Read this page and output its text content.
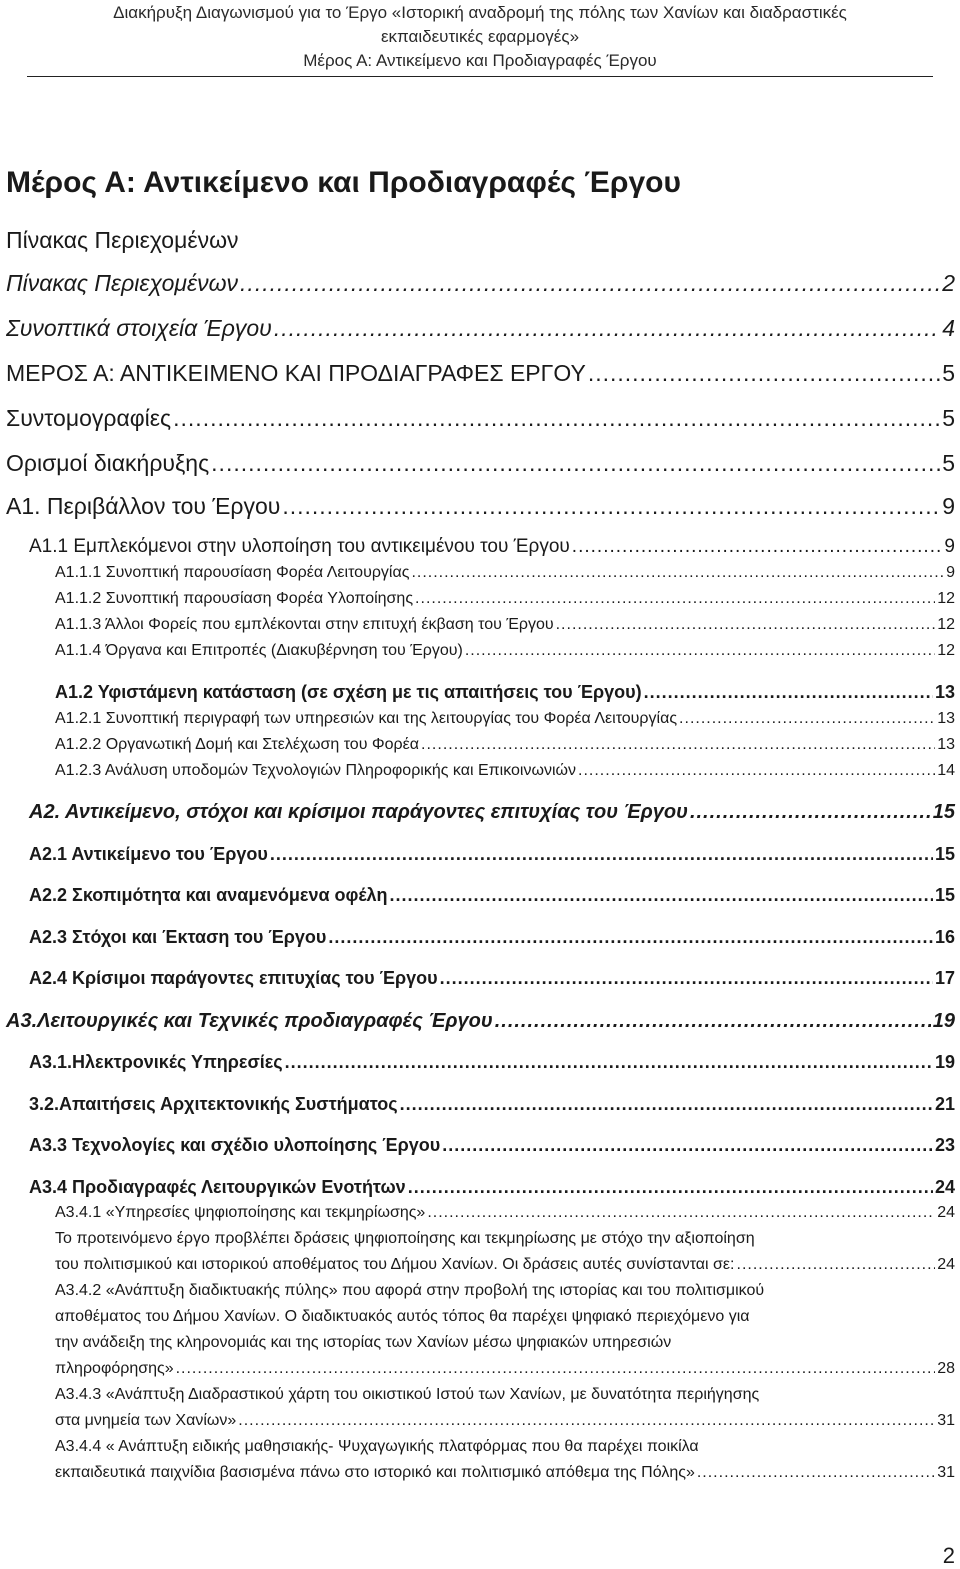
Διακήρυξη Διαγωνισμού για το Έργο «Ιστορική αναδρομή της πόλης των Χανίων και διαδραστικές
εκπαιδευτικές εφαρμογές»
Μέρος Α: Αντικείμενο και Προδιαγραφές Έργου
Μέρος Α: Αντικείμενο και Προδιαγραφές Έργου
Πίνακας Περιεχομένων
Πίνακας Περιεχομένων .....	2
Συνοπτικά στοιχεία Έργου .....	4
ΜΕΡΟΣ Α: ΑΝΤΙΚΕΙΜΕΝΟ ΚΑΙ ΠΡΟΔΙΑΓΡΑΦΕΣ ΕΡΓΟΥ .....	5
Συντομογραφίες .....	5
Ορισμοί διακήρυξης .....	5
Α1. Περιβάλλον του Έργου .....	9
Α1.1 Εμπλεκόμενοι στην υλοποίηση του αντικειμένου του Έργου .....	9
Α1.1.1 Συνοπτική παρουσίαση Φορέα Λειτουργίας .....	9
Α1.1.2 Συνοπτική παρουσίαση Φορέα Υλοποίησης .....	12
Α1.1.3 Άλλοι Φορείς που εμπλέκονται στην επιτυχή έκβαση του Έργου .....	12
Α1.1.4 Όργανα και Επιτροπές (Διακυβέρνηση του Έργου) .....	12
Α1.2 Υφιστάμενη κατάσταση (σε σχέση με τις απαιτήσεις του Έργου) .....	13
Α1.2.1 Συνοπτική περιγραφή των υπηρεσιών και της λειτουργίας του Φορέα Λειτουργίας .....	13
Α1.2.2 Οργανωτική Δομή και Στελέχωση του Φορέα .....	13
Α1.2.3 Ανάλυση υποδομών Τεχνολογιών Πληροφορικής και Επικοινωνιών .....	14
Α2. Αντικείμενο, στόχοι και κρίσιμοι παράγοντες επιτυχίας του Έργου .....	15
Α2.1 Αντικείμενο του Έργου .....	15
Α2.2 Σκοπιμότητα και αναμενόμενα οφέλη .....	15
Α2.3 Στόχοι και Έκταση του Έργου .....	16
Α2.4 Κρίσιμοι παράγοντες επιτυχίας του Έργου .....	17
Α3.Λειτουργικές και Τεχνικές προδιαγραφές Έργου .....	19
Α3.1.Ηλεκτρονικές Υπηρεσίες .....	19
3.2.Απαιτήσεις Αρχιτεκτονικής Συστήματος .....	21
Α3.3 Τεχνολογίες και σχέδιο υλοποίησης Έργου .....	23
Α3.4 Προδιαγραφές Λειτουργικών Ενοτήτων .....	24
Α3.4.1 «Υπηρεσίες ψηφιοποίησης και τεκμηρίωσης» .....	24
Το προτεινόμενο έργο προβλέπει δράσεις ψηφιοποίησης και τεκμηρίωσης με στόχο την αξιοποίηση
του πολιτισμικού και ιστορικού αποθέματος του Δήμου Χανίων. Οι δράσεις αυτές συνίστανται σε: .....	24
Α3.4.2 «Ανάπτυξη διαδικτυακής πύλης» που αφορά στην προβολή της ιστορίας και του πολιτισμικού
αποθέματος του Δήμου Χανίων. Ο διαδικτυακός αυτός τόπος θα παρέχει ψηφιακό περιεχόμενο για
την ανάδειξη της κληρονομιάς και της ιστορίας των Χανίων μέσω ψηφιακών υπηρεσιών
πληροφόρησης» .....	28
Α3.4.3 «Ανάπτυξη Διαδραστικού χάρτη του οικιστικού Ιστού των Χανίων, με δυνατότητα περιήγησης
στα μνημεία των Χανίων» .....	31
Α3.4.4 « Ανάπτυξη ειδικής μαθησιακής- Ψυχαγωγικής πλατφόρμας που θα παρέχει ποικίλα
εκπαιδευτικά παιχνίδια βασισμένα πάνω στο ιστορικό και πολιτισμικό απόθεμα της Πόλης» .....	31
2
